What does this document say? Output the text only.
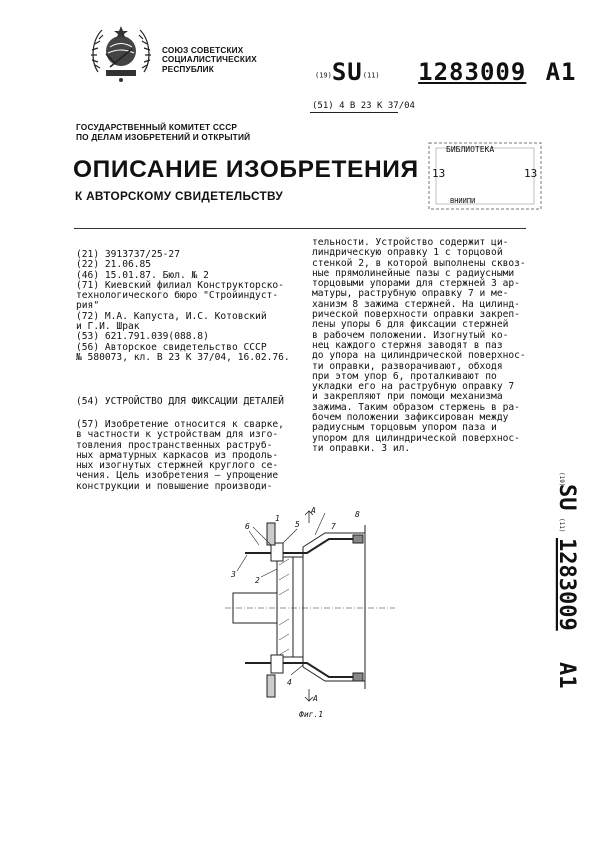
СОЮЗ СОВЕТСКИХ
СОЦИАЛИСТИЧЕСКИХ
РЕСПУБЛИК
(19)SU(11) 1283009 A1
(51) 4 В 23 К 37/04
ГОСУДАРСТВЕННЫЙ КОМИТЕТ СССР
ПО ДЕЛАМ ИЗОБРЕТЕНИЙ И ОТКРЫТИЙ
ОПИСАНИЕ ИЗОБРЕТЕНИЯ
К АВТОРСКОМУ СВИДЕТЕЛЬСТВУ
БИБЛИОТЕКА
13	13
ВНИИПИ
(21) 3913737/25-27
(22) 21.06.85
(46) 15.01.87. Бюл. № 2
(71) Киевский филиал Конструкторско-
технологического бюро "Стройиндуст-
рия"
(72) М.А. Капуста, И.С. Котовский
и Г.И. Шрак
(53) 621.791.039(088.8)
(56) Авторское свидетельство СССР
№ 580073, кл. В 23 К 37/04, 16.02.76.
(54) УСТРОЙСТВО ДЛЯ ФИКСАЦИИ ДЕТАЛЕЙ
(57) Изобретение относится к сварке,
в частности к устройствам для изго-
товления пространственных раструб-
ных арматурных каркасов из продоль-
ных изогнутых стержней круглого се-
чения. Цель изобретения – упрощение
конструкции и повышение производи-
тельности. Устройство содержит ци-
линдрическую оправку 1 с торцовой
стенкой 2, в которой выполнены сквоз-
ные прямолинейные пазы с радиусными
торцовыми упорами для стержней 3 ар-
матуры, раструбную оправку 7 и ме-
ханизм 8 зажима стержней. На цилинд-
рической поверхности оправки закреп-
лены упоры 6 для фиксации стержней
в рабочем положении. Изогнутый ко-
нец каждого стержня заводят в паз
до упора на цилиндрической поверхнос-
ти оправки, разворачивают, обходя
при этом упор 6, проталкивают по
укладки его на раструбную оправку 7
и закрепляют при помощи механизма
зажима. Таким образом стержень в ра-
бочем положении зафиксирован между
радиусным торцовым упором паза и
упором для цилиндрической поверхнос-
ти оправки. 3 ил.
(19)
SU
(11)
1283009
A1
6
1
A
5
8
7
3
2
4
A
Фиг.1
